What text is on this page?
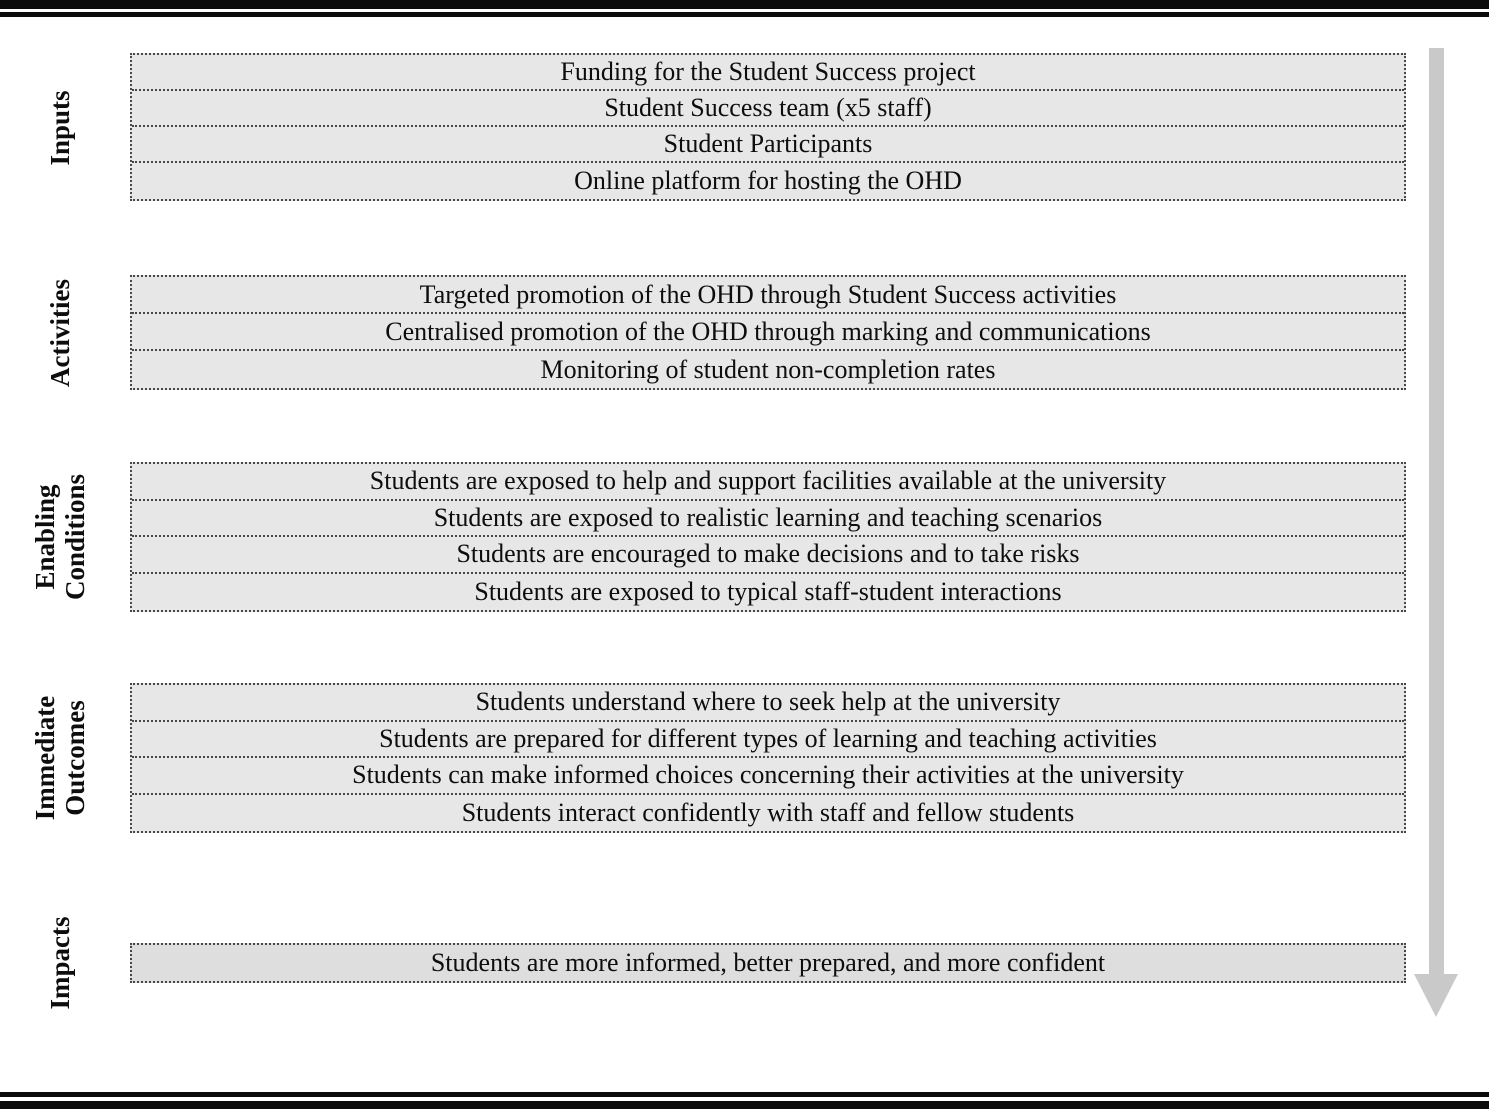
Inputs
Funding for the Student Success project
Student Success team (x5 staff)
Student Participants
Online platform for hosting the OHD
Activities	Targeted promotion of the OHD through Student Success activities
Centralised promotion of the OHD through marking and communications
Monitoring of student non-completion rates
Enabling Conditions	Students are exposed to help and support facilities available at the university
Students are exposed to realistic learning and teaching scenarios
Students are encouraged to make decisions and to take risks
Students are exposed to typical staff-student interactions
Immediate Outcomes	Students understand where to seek help at the university
Students are prepared for different types of learning and teaching activities
Students can make informed choices concerning their activities at the university
Students interact confidently with staff and fellow students
Impacts	Students are more informed, better prepared, and more confident
